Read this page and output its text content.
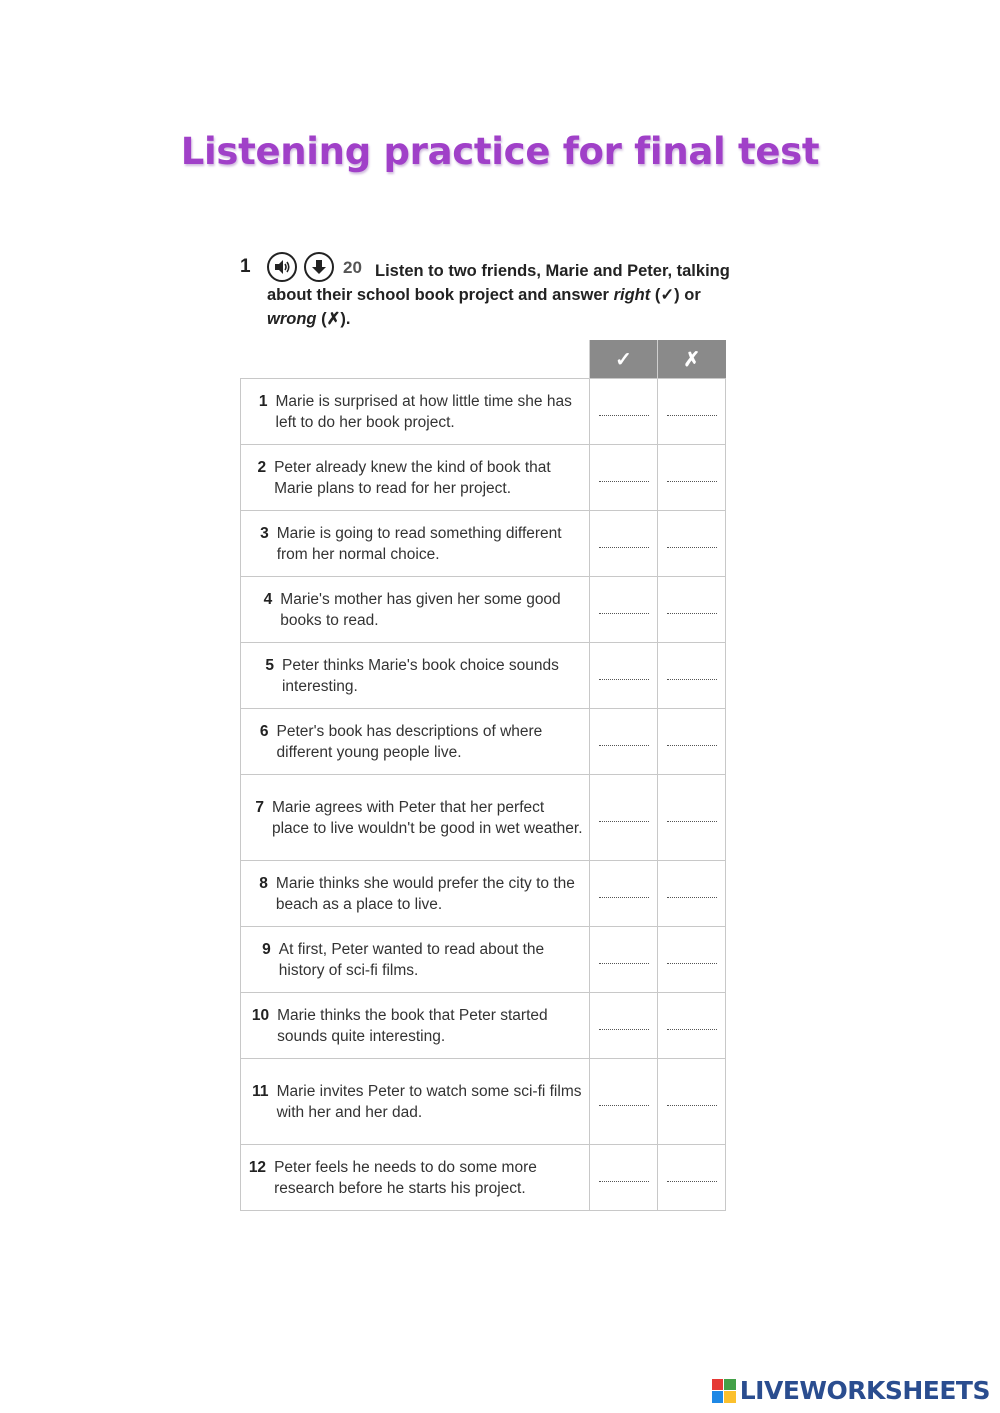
Listening practice for final test
1	20 Listen to two friends, Marie and Peter, talking about their school book project and answer right (✓) or wrong (✗).
	✓	✗

1 Marie is surprised at how little time she has left to do her book project.		

2 Peter already knew the kind of book that Marie plans to read for her project.		

3 Marie is going to read something different from her normal choice.		

4 Marie's mother has given her some good books to read.		

5 Peter thinks Marie's book choice sounds interesting.		

6 Peter's book has descriptions of where different young people live.		

7 Marie agrees with Peter that her perfect place to live wouldn't be good in wet weather.		

8 Marie thinks she would prefer the city to the beach as a place to live.		

9 At first, Peter wanted to read about the history of sci-fi films.		

10 Marie thinks the book that Peter started sounds quite interesting.		

11 Marie invites Peter to watch some sci-fi films with her and her dad.		

12 Peter feels he needs to do some more research before he starts his project.		

LIVEWORKSHEETS
